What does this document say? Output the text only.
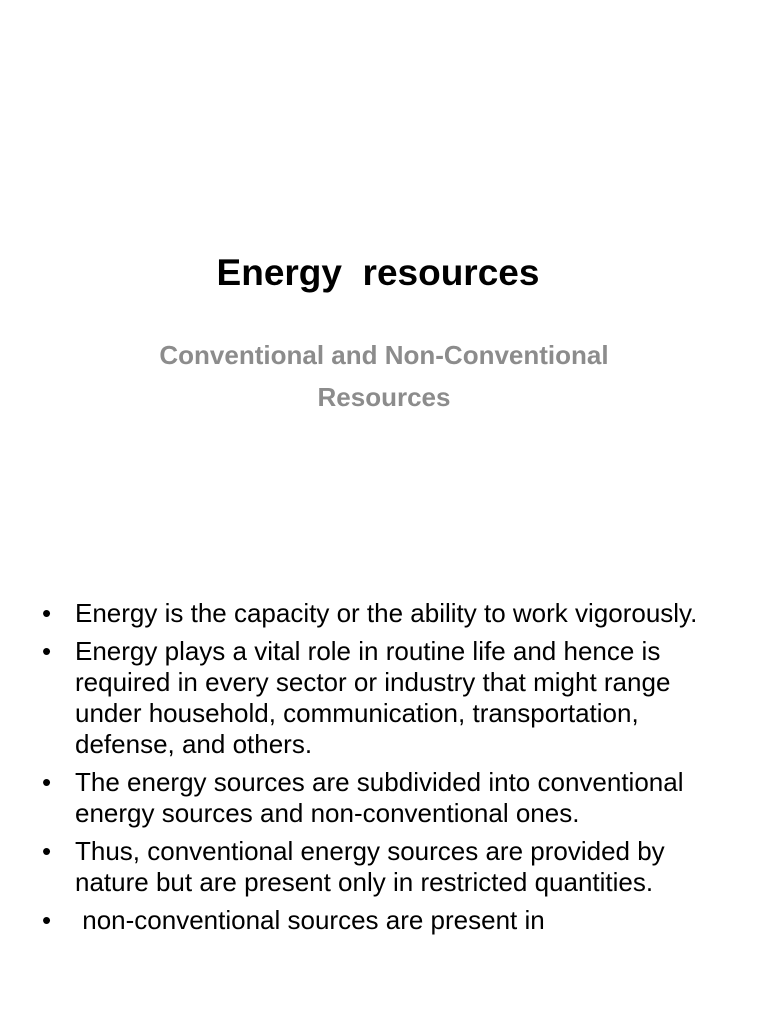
Energy  resources

Conventional and Non-Conventional Resources

• Energy is the capacity or the ability to work vigorously.
• Energy plays a vital role in routine life and hence is required in every sector or industry that might range under household, communication, transportation, defense, and others.
• The energy sources are subdivided into conventional energy sources and non-conventional ones.
• Thus, conventional energy sources are provided by nature but are present only in restricted quantities.
• non-conventional sources are present in
